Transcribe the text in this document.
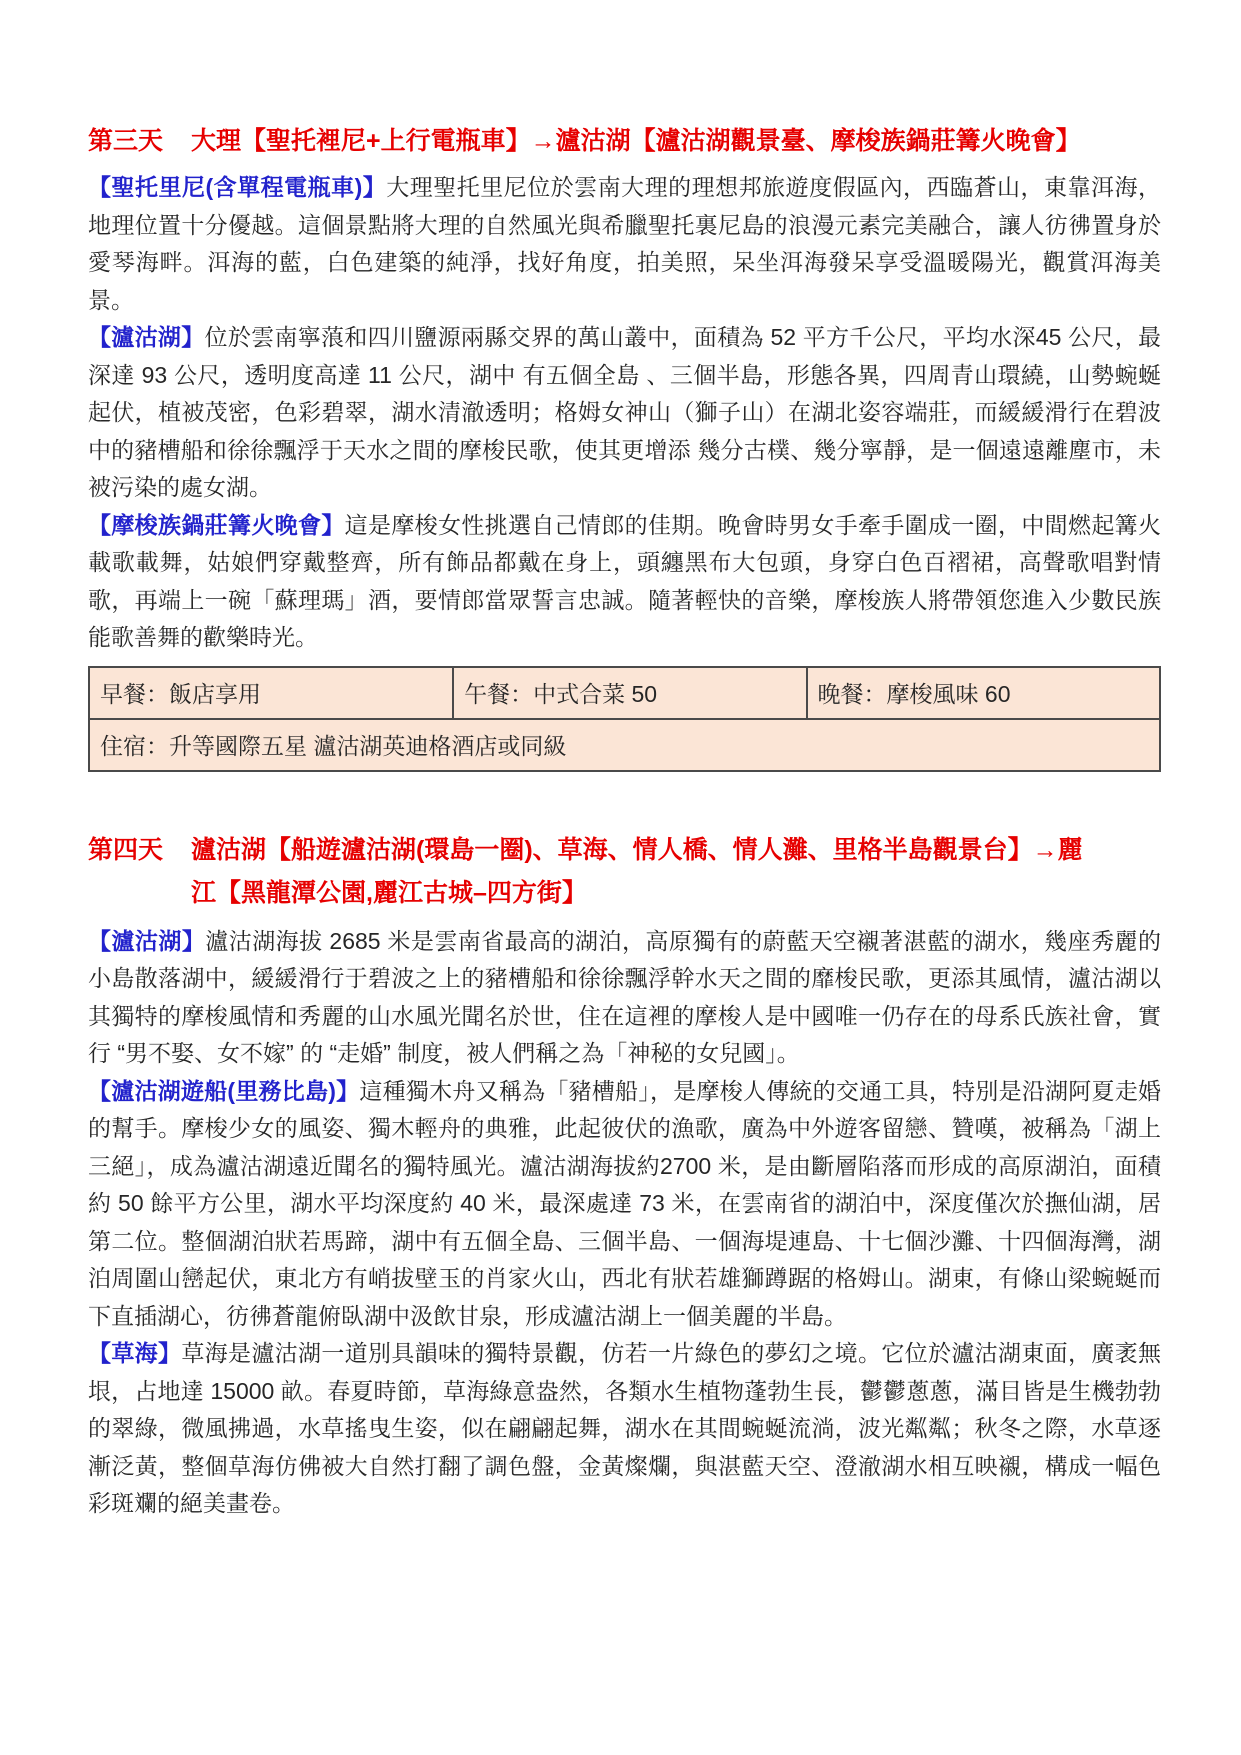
第三天 大理【聖托裡尼+上行電瓶車】→瀘沽湖【瀘沽湖觀景臺、摩梭族鍋莊篝火晚會】

【聖托里尼(含單程電瓶車)】大理聖托里尼位於雲南大理的理想邦旅遊度假區內，西臨蒼山，東靠洱海，地理位置十分優越。這個景點將大理的自然風光與希臘聖托裏尼島的浪漫元素完美融合，讓人彷彿置身於愛琴海畔。洱海的藍，白色建築的純淨，找好角度，拍美照，呆坐洱海發呆享受溫暖陽光，觀賞洱海美景。

【瀘沽湖】位於雲南寧蒗和四川鹽源兩縣交界的萬山叢中，面積為 52 平方千公尺，平均水深45 公尺，最深達 93 公尺，透明度高達 11 公尺，湖中 有五個全島 、三個半島，形態各異，四周青山環繞，山勢蜿蜒起伏，植被茂密，色彩碧翠，湖水清澈透明；格姆女神山（獅子山）在湖北姿容端莊，而緩緩滑行在碧波中的豬槽船和徐徐飄浮于天水之間的摩梭民歌，使其更增添 幾分古樸、幾分寧靜，是一個遠遠離塵市，未被污染的處女湖。

【摩梭族鍋莊篝火晚會】這是摩梭女性挑選自己情郎的佳期。晚會時男女手牽手圍成一圈，中間燃起篝火載歌載舞，姑娘們穿戴整齊，所有飾品都戴在身上，頭纏黑布大包頭，身穿白色百褶裙，高聲歌唱對情歌，再端上一碗「蘇理瑪」酒，要情郎當眾誓言忠誠。隨著輕快的音樂，摩梭族人將帶領您進入少數民族能歌善舞的歡樂時光。

早餐：飯店享用	午餐：中式合菜 50	晚餐：摩梭風味 60
住宿：升等國際五星 瀘沽湖英迪格酒店或同級
第四天 瀘沽湖【船遊瀘沽湖(環島一圈)、草海、情人橋、情人灘、里格半島觀景台】→麗
江【黑龍潭公園,麗江古城–四方街】

【瀘沽湖】瀘沽湖海拔 2685 米是雲南省最高的湖泊，高原獨有的蔚藍天空襯著湛藍的湖水，幾座秀麗的小島散落湖中，緩緩滑行于碧波之上的豬槽船和徐徐飄浮幹水天之間的靡梭民歌，更添其風情，瀘沽湖以其獨特的摩梭風情和秀麗的山水風光聞名於世，住在這裡的摩梭人是中國唯一仍存在的母系氏族社會，實行 “男不娶、女不嫁” 的 “走婚” 制度，被人們稱之為「神秘的女兒國」。

【瀘沽湖遊船(里務比島)】這種獨木舟又稱為「豬槽船」，是摩梭人傳統的交通工具，特別是沿湖阿夏走婚的幫手。摩梭少女的風姿、獨木輕舟的典雅，此起彼伏的漁歌，廣為中外遊客留戀、贊嘆，被稱為「湖上三絕」，成為瀘沽湖遠近聞名的獨特風光。瀘沽湖海拔約2700 米，是由斷層陷落而形成的高原湖泊，面積約 50 餘平方公里，湖水平均深度約 40 米，最深處達 73 米，在雲南省的湖泊中，深度僅次於撫仙湖，居第二位。整個湖泊狀若馬蹄，湖中有五個全島、三個半島、一個海堤連島、十七個沙灘、十四個海灣，湖泊周圍山巒起伏，東北方有峭拔壁玉的肖家火山，西北有狀若雄獅蹲踞的格姆山。湖東，有條山梁蜿蜒而下直插湖心，彷彿蒼龍俯臥湖中汲飲甘泉，形成瀘沽湖上一個美麗的半島。

【草海】草海是瀘沽湖一道別具韻味的獨特景觀，仿若一片綠色的夢幻之境。它位於瀘沽湖東面，廣袤無垠，占地達 15000 畝。春夏時節，草海綠意盎然，各類水生植物蓬勃生長，鬱鬱蔥蔥，滿目皆是生機勃勃的翠綠，微風拂過，水草搖曳生姿，似在翩翩起舞，湖水在其間蜿蜒流淌，波光粼粼；秋冬之際，水草逐漸泛黃，整個草海仿佛被大自然打翻了調色盤，金黃燦爛，與湛藍天空、澄澈湖水相互映襯，構成一幅色彩斑斕的絕美畫卷。
